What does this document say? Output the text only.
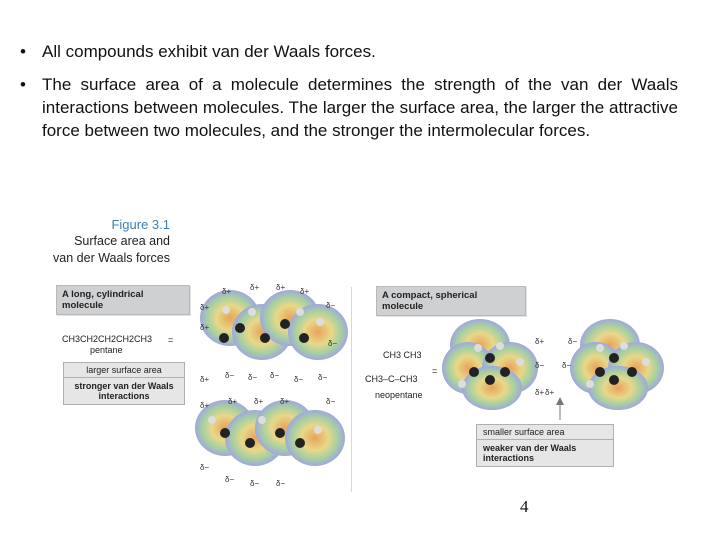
• All compounds exhibit van der Waals forces.
• The surface area of a molecule determines the strength of the van der Waals interactions between molecules. The larger the surface area, the larger the attractive force between two molecules, and the stronger the intermolecular forces.
Figure 3.1
Surface area and
van der Waals forces
δ+
δ+ δ+ δ+ δ+
δ−
δ+
δ−
δ+ δ− δ− δ− δ− δ−
δ+ δ+ δ+ δ+	δ−
δ−
δ− δ− δ−
δ+	δ−
δ− δ−
δ+ δ+
A long, cylindrical molecule
CH3CH2CH2CH2CH3
pentane
=
larger surface area
stronger van der Waals interactions
A compact, spherical molecule
CH3 CH3
CH3–C–CH3
neopentane
=
smaller surface area
weaker van der Waals interactions
4
